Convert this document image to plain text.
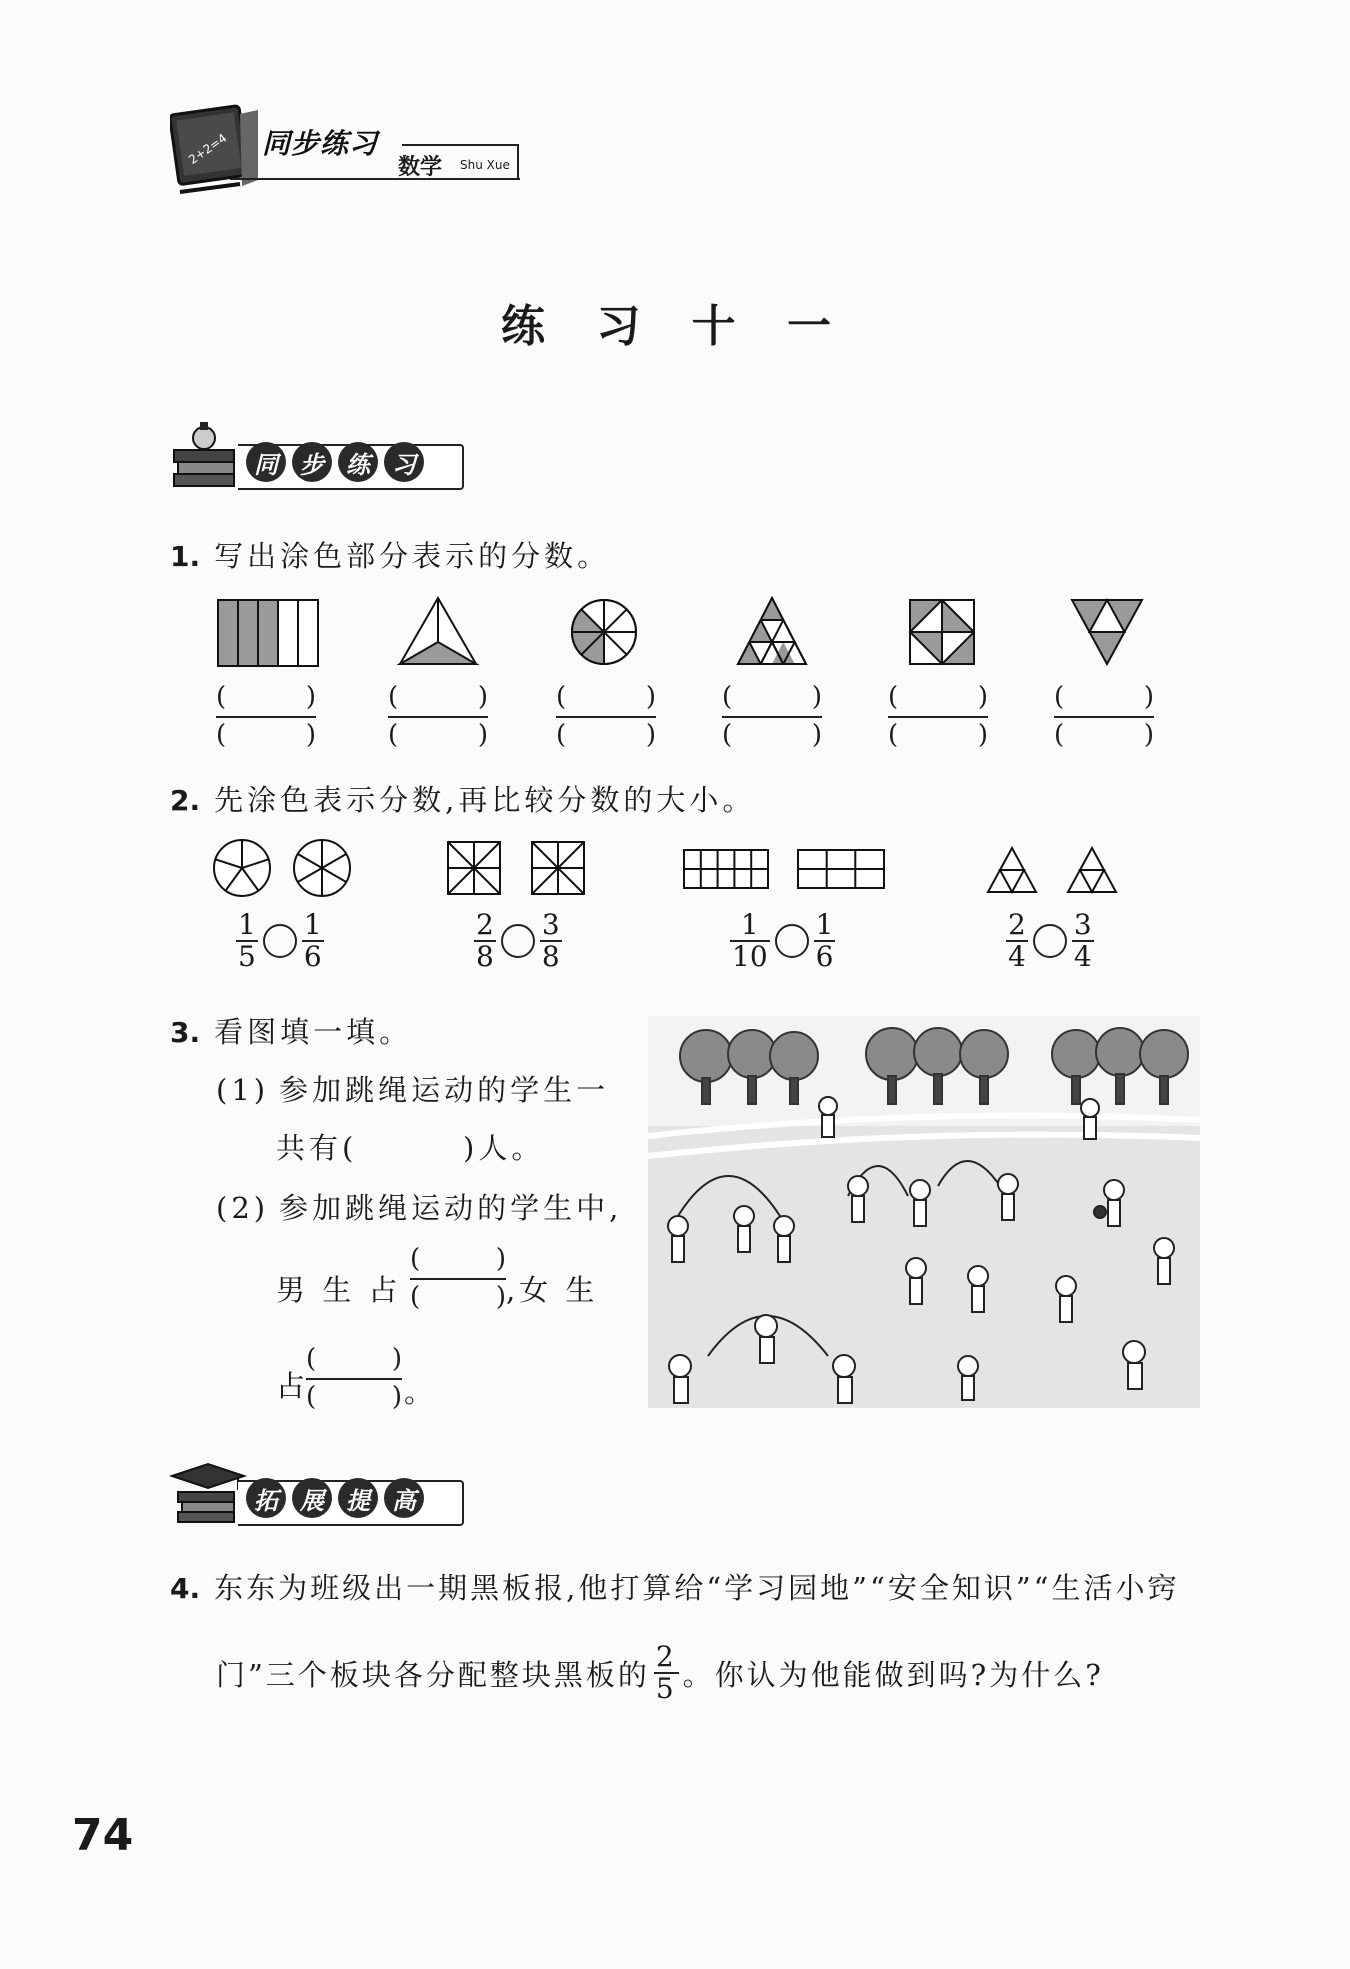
2+2=4 同步练习
数学 Shu Xue
练 习 十 一
同 步 练 习
1. 写出涂色部分表示的分数。
(	)
(	)
(	)
(	)
(	)
(	)
(	)
(	)
(	)
(	)
(	)
(	)
2. 先涂色表示分数,再比较分数的大小。
$\frac{1}{5} \frac{1}{6}$	$\frac{2}{8} \frac{3}{8}$	$\frac{1}{10} \frac{1}{6}$	$\frac{2}{4} \frac{3}{4}$
3. 看图填一填。
(1) 参加跳绳运动的学生一
共有(        )人。
(2) 参加跳绳运动的学生中,
男 生 占
(	)
(	) ,女 生
占
(	)
(	) 。
拓 展 提 高
4. 东东为班级出一期黑板报,他打算给“学习园地”“安全知识”“生活小窍
门”三个板块各分配整块黑板的 $\frac{2}{5}$ 。你认为他能做到吗?为什么?
74
